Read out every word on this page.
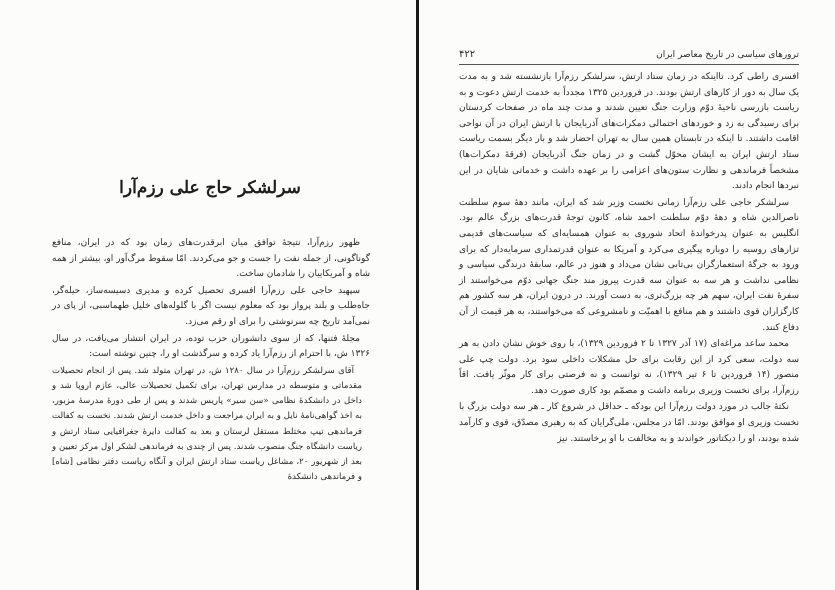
سرلشکر حاج علی رزم‌آرا

ظهور رزم‌آرا، نتیجهٔ توافق میان ابرقدرت‌های زمان بود که در ایران، منافع گوناگونی، از جمله نفت را جست و جو می‌کردند. امّا سقوط مرگ‌آور او، بیشتر از همه شاه و آمریکاییان را شادمان ساخت.

سپهبد حاجی علی رزم‌آرا افسری تحصیل کرده و مدیری دسیسه‌ساز، حیله‌گر، جاه‌طلب و بلند پرواز بود که معلوم نیست اگر با گلوله‌های خلیل طهماسبی، از پای در نمی‌آمد تاریخ چه سرنوشتی را برای او رقم می‌زد.

مجلهٔ فتنها، که از سوی دانشوران حزب توده، در ایران انتشار می‌یافت، در سال ۱۳۲۶ ش، با احترام از رزم‌آرا یاد کرده و سرگذشت او را، چنین نوشته است:

آقای سرلشکر رزم‌آرا در سال ۱۲۸۰ ش، در تهران متولد شد. پس از انجام تحصیلات مقدماتی و متوسطه در مدارس تهران، برای تکمیل تحصیلات عالی، عازم اروپا شد و داخل در دانشکدهٔ نظامی «سن سیر» پاریس شدند و پس از طی دورهٔ مدرسهٔ مزبور، به اخذ گواهی‌نامهٔ نایل و به ایران مراجعت و داخل خدمت ارتش شدند. نخست به کفالت فرماندهی تیپ مختلط مستقل لرستان و بعد به کفالت دایرهٔ جغرافیایی ستاد ارتش و ریاست دانشگاه جنگ منصوب شدند. پس از چندی به فرماندهی لشکر اول مرکز تعیین و بعد از شهریور ۲۰، مشاغل ریاست ستاد ارتش ایران و آنگاه ریاست دفتر نظامی [شاه] و فرماندهی دانشکدهٔ

۴۲۲	ترورهای سیاسی در تاریخ معاصر ایران

افسری راطی کرد. تااینکه در زمان ستاد ارتش، سرلشکر رزم‌آرا بازنشسته شد و به مدت یک سال به دور از کارهای ارتش بودند. در فروردین ۱۳۲۵ مجدداً به خدمت ارتش دعوت و به ریاست بازرسی ناحیهٔ دوّم وزارت جنگ تعیین شدند و مدت چند ماه در صفحات کردستان برای رسیدگی به زد و خوردهای احتمالی دمکرات‌های آذربایجان با ارتش ایران در آن نواحی اقامت داشتند. تا اینکه در تابستان همین سال به تهران احضار شد و بار دیگر بسمت ریاست ستاد ارتش ایران به ایشان محوّل گشت و در زمان جنگ آذربایجان (فرقهٔ دمکرات‌ها) مشخصاً فرماندهی و نظارت ستون‌های اعزامی را بر عهده داشت و خدماتی شایان در این نبردها انجام دادند.

سرلشکر حاجی علی رزم‌آرا زمانی نخست وزیر شد که ایران، مانند دههٔ سوم سلطنت ناصرالدین شاه و دههٔ دوّم سلطنت احمد شاه، کانون توجهٔ قدرت‌های بزرگ عالم بود. انگلیس به عنوان پدرخواندهٔ اتحاد شوروی به عنوان همسایه‌ای که سیاست‌های قدیمی تزارهای روسیه را دوباره پیگیری می‌کرد و آمریکا به عنوان قدرتمداری سرمایه‌دار که برای ورود به جرگهٔ استعمارگران بی‌تابی نشان می‌داد و هنوز در عالم، سابقهٔ درندگی سیاسی و نظامی نداشت و هر سه به عنوان سه قدرت پیروز مند جنگ جهانی دوّم می‌خواستند از سفرهٔ نفت ایران، سهم هر چه بزرگ‌تری، به دست آورند. در درون ایران، هر سه کشور هم کارگزاران قوی داشتند و هم منافع با اهمیّت و نامشروعی که می‌خواستند، به هر قیمت از آن دفاع کنند.

محمد ساعد مراغه‌ای (۱۷ آذر ۱۳۲۷ تا ۲ فروردین ۱۳۲۹)، با روی خوش نشان دادن به هر سه دولت، سعی کرد از این رقابت برای حل مشکلات داخلی سود برد. دولت چپ علی منصور (۱۴ فروردین تا ۶ تیر ۱۳۲۹)، نه توانست و نه فرصتی برای کار موثّر یافت. اقاً رزم‌آرا، برای نخست وزیری برنامه داشت و مصمّم بود کاری صورت دهد.

نکتهٔ جالب در مورد دولت رزم‌آرا این بودکه ـ حداقل در شروع کار ـ هر سه دولت بزرگ با نخست وزیری او موافق بودند. امّا در مجلس، ملی‌گرایان که به رهبری مصدّق، قوی و کارآمد شده بودند، او را دیکتاتور خواندند و به مخالفت با او برخاستند. نیز
